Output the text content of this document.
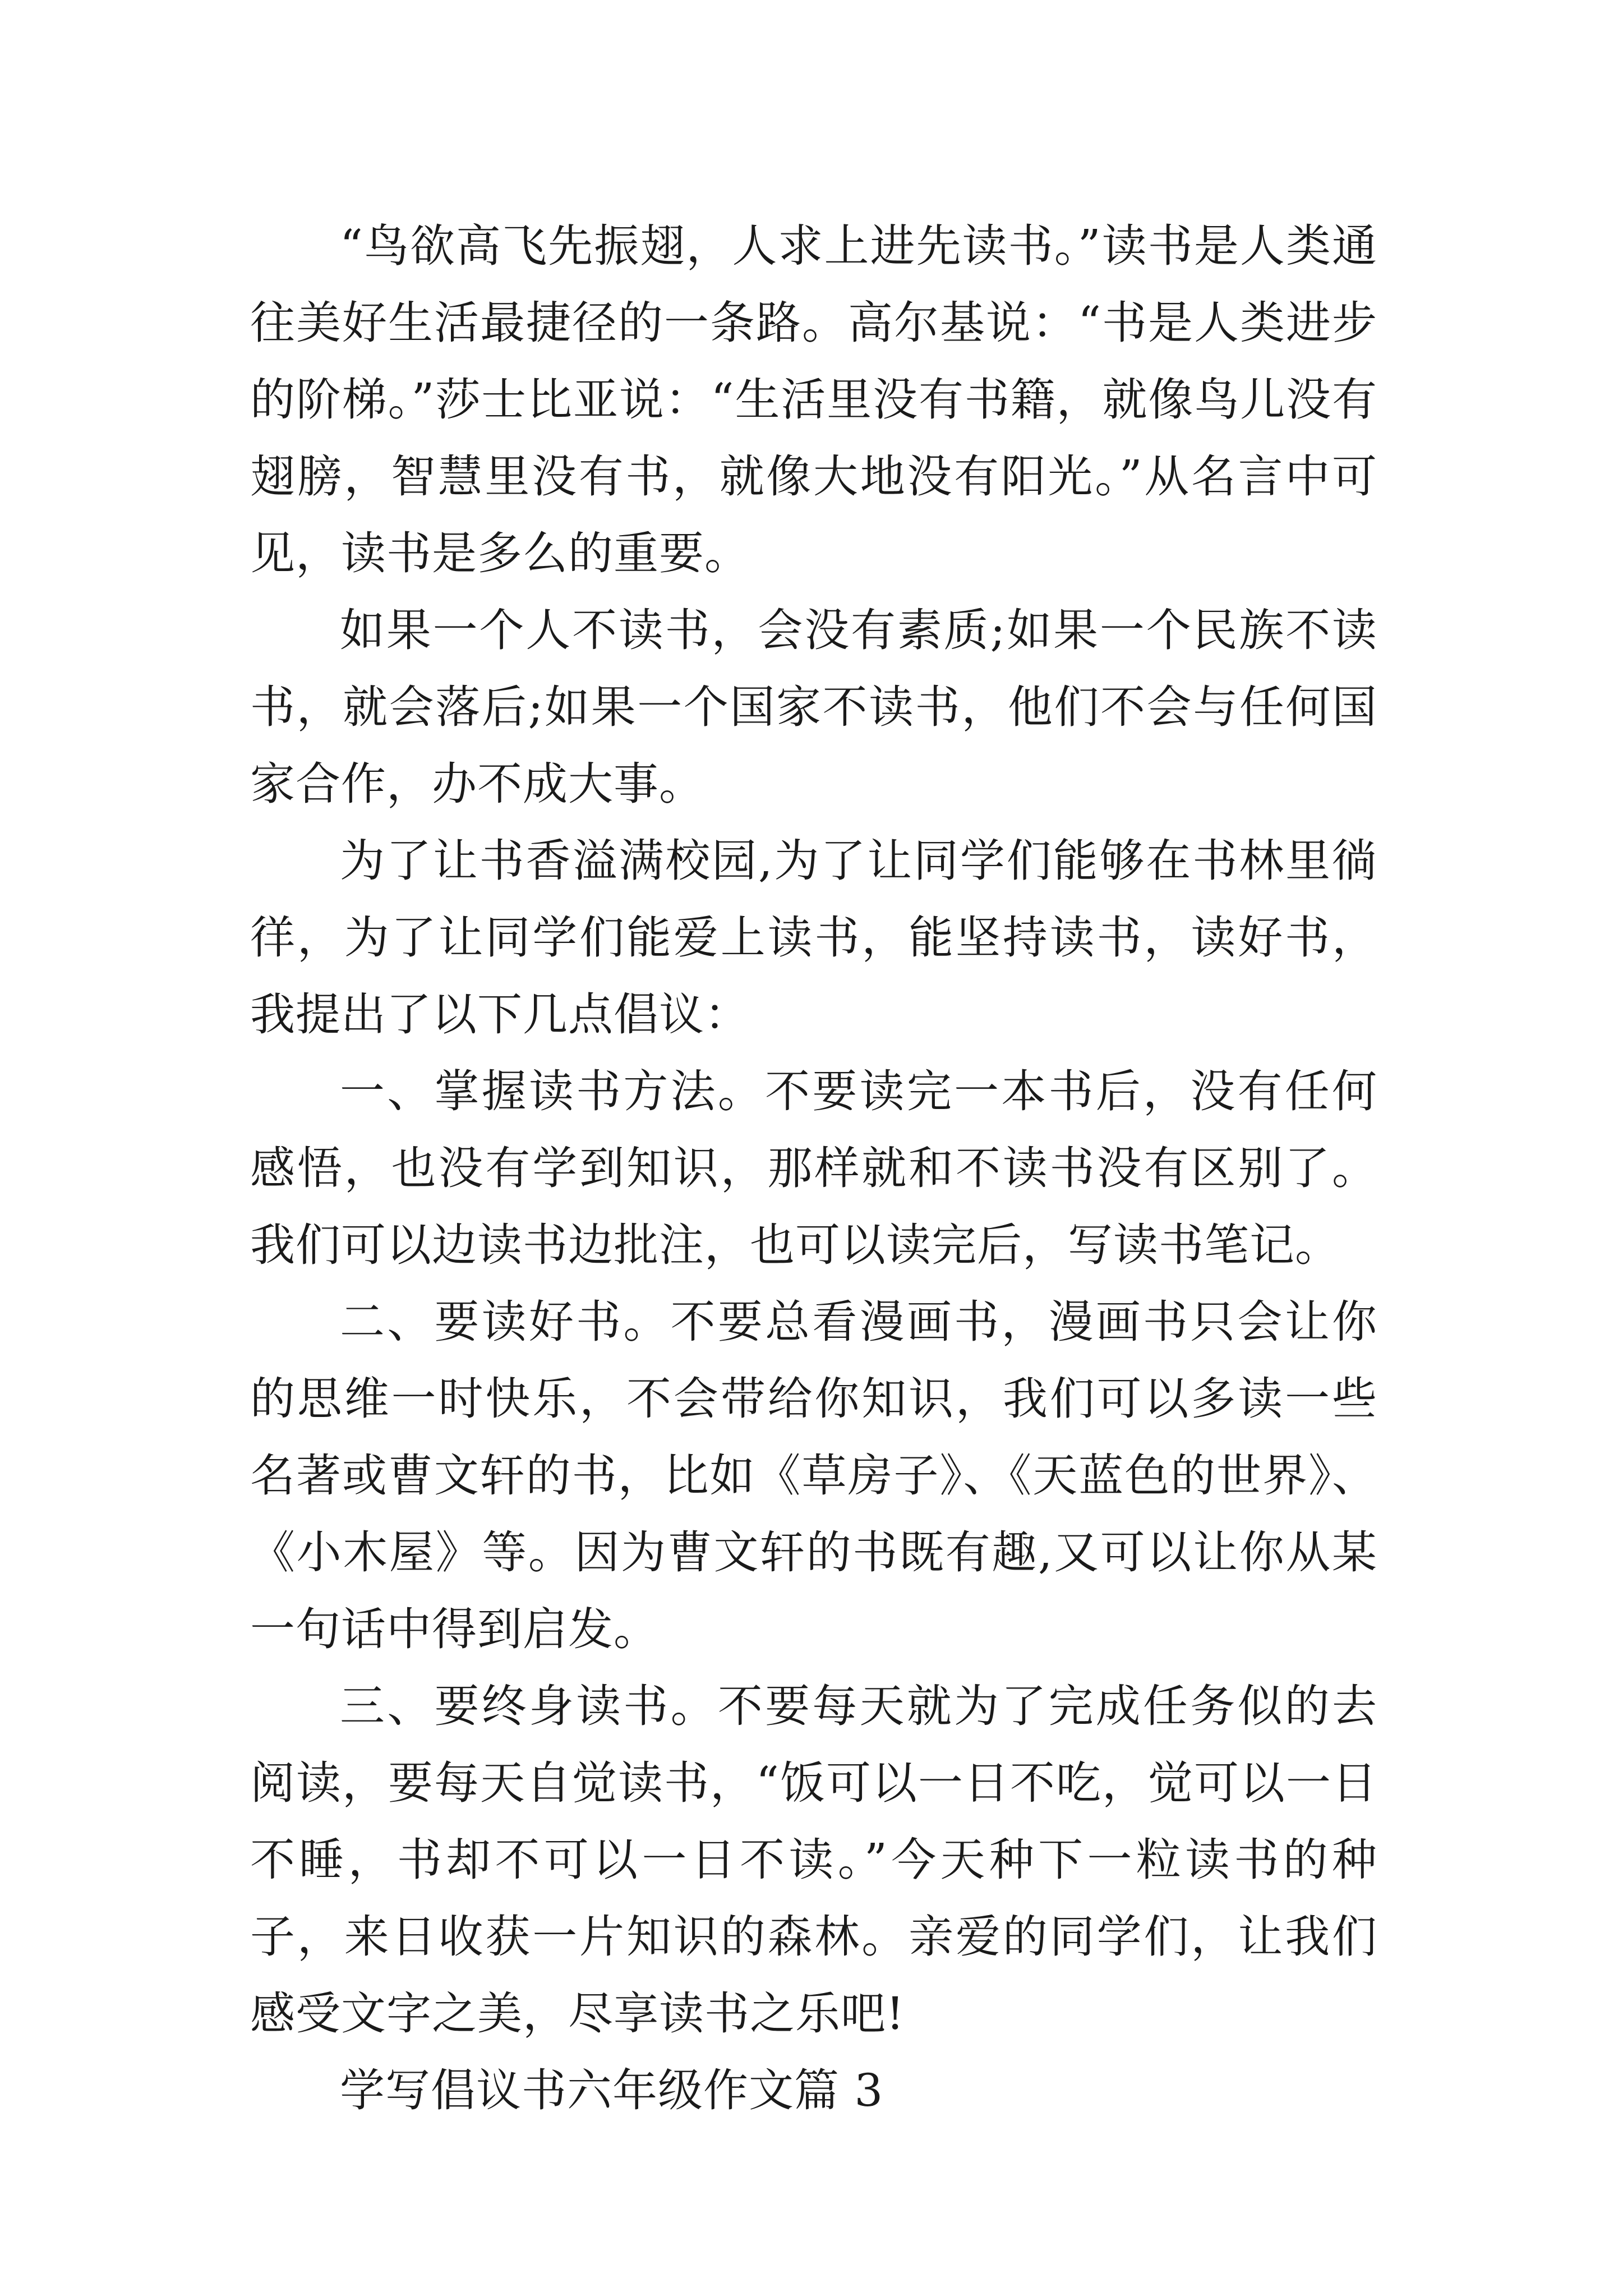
“鸟欲高飞先振翅，人求上进先读书。”读书是人类通往美好生活最捷径的一条路。高尔基说：“书是人类进步的阶梯。”莎士比亚说：“生活里没有书籍，就像鸟儿没有翅膀，智慧里没有书，就像大地没有阳光。”从名言中可见，读书是多么的重要。

如果一个人不读书，会没有素质;如果一个民族不读书，就会落后;如果一个国家不读书，他们不会与任何国家合作，办不成大事。

为了让书香溢满校园,为了让同学们能够在书林里徜徉，为了让同学们能爱上读书，能坚持读书，读好书，我提出了以下几点倡议：

一、掌握读书方法。不要读完一本书后，没有任何感悟，也没有学到知识，那样就和不读书没有区别了。我们可以边读书边批注，也可以读完后，写读书笔记。

二、要读好书。不要总看漫画书，漫画书只会让你的思维一时快乐，不会带给你知识，我们可以多读一些名著或曹文轩的书，比如《草房子》、《天蓝色的世界》、《小木屋》等。因为曹文轩的书既有趣,又可以让你从某一句话中得到启发。

三、要终身读书。不要每天就为了完成任务似的去阅读，要每天自觉读书，“饭可以一日不吃，觉可以一日不睡，书却不可以一日不读。”今天种下一粒读书的种子，来日收获一片知识的森林。亲爱的同学们，让我们感受文字之美，尽享读书之乐吧!

学写倡议书六年级作文篇 3
